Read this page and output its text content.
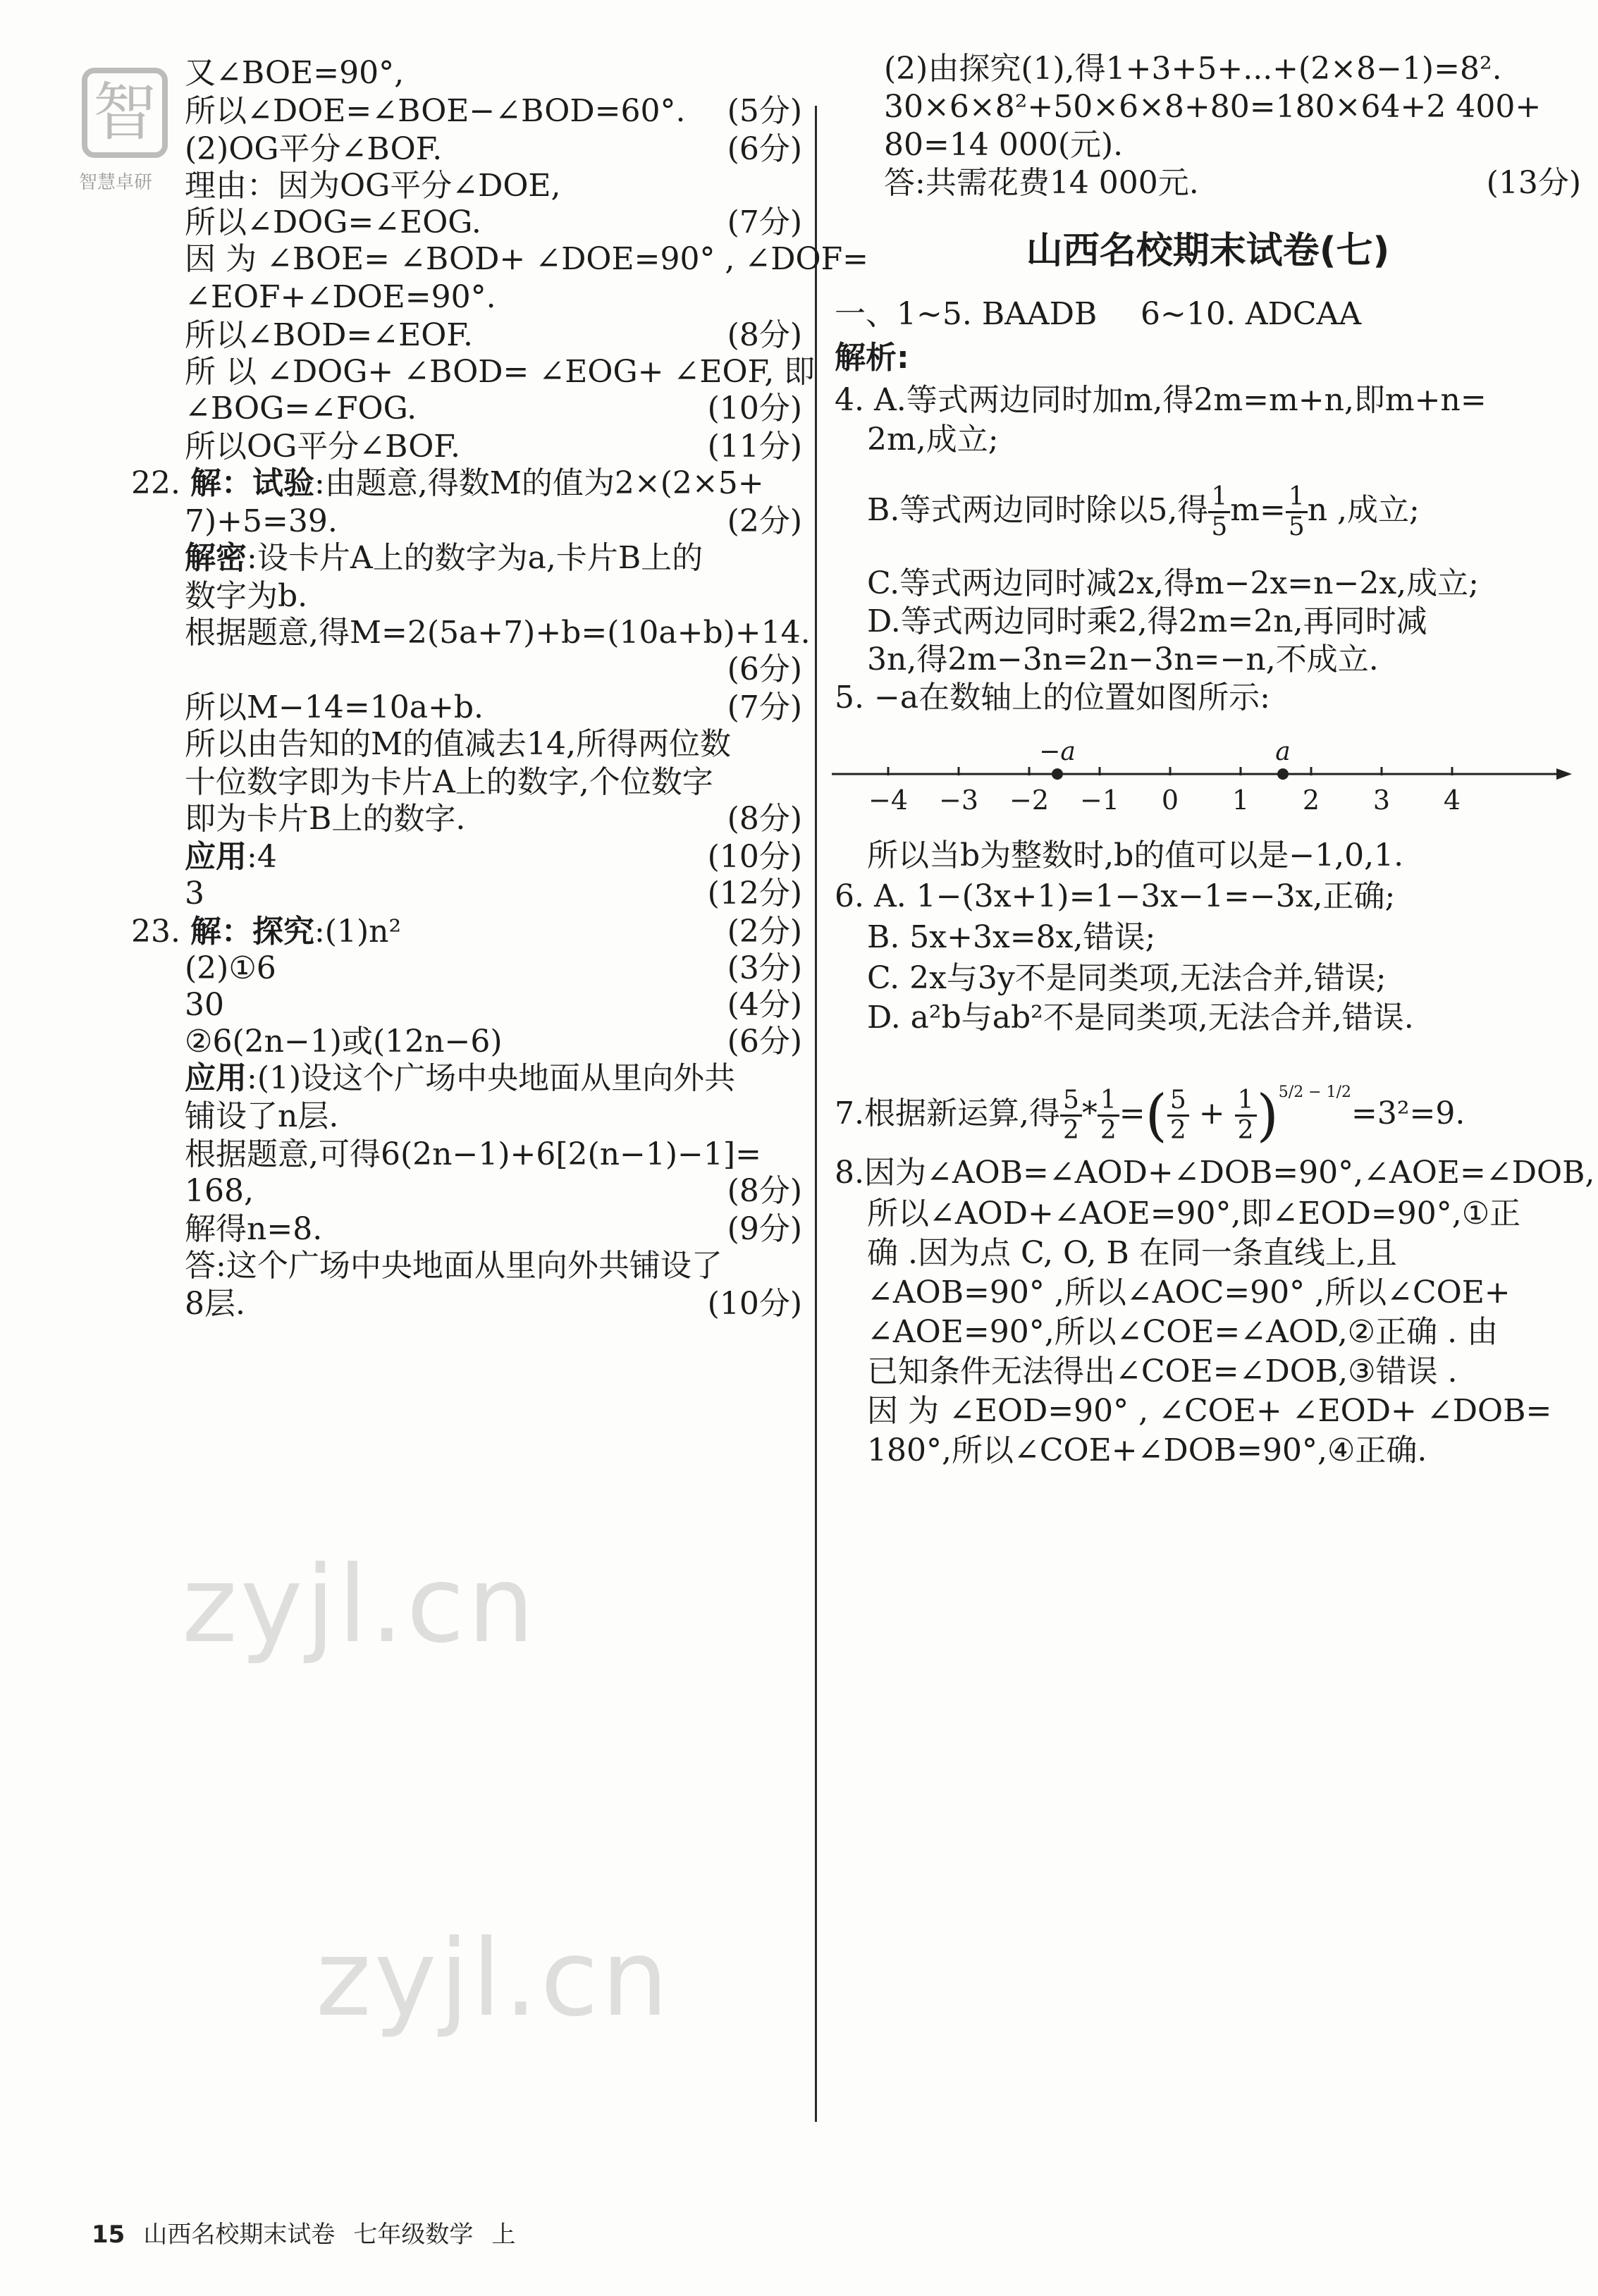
智
智慧卓研
又∠BOE=90°,
所以∠DOE=∠BOE−∠BOD=60°. (5分)
(2)OG平分∠BOF.	(6分)
理由：因为OG平分∠DOE,
所以∠DOG=∠EOG.	(7分)
因 为 ∠BOE= ∠BOD+ ∠DOE=90° , ∠DOF=
∠EOF+∠DOE=90°.
所以∠BOD=∠EOF.	(8分)
所 以 ∠DOG+ ∠BOD= ∠EOG+ ∠EOF, 即
∠BOG=∠FOG.	(10分)
所以OG平分∠BOF.	(11分)
22. 解：试验:由题意,得数M的值为2×(2×5+
7)+5=39.	(2分)
解密:设卡片A上的数字为a,卡片B上的
数字为b.
根据题意,得M=2(5a+7)+b=(10a+b)+14.
(6分)
所以M−14=10a+b.	(7分)
所以由告知的M的值减去14,所得两位数
十位数字即为卡片A上的数字,个位数字
即为卡片B上的数字.	(8分)
应用:4	(10分)
3	(12分)
23. 解：探究:(1)n²	(2分)
(2)①6	(3分)
30	(4分)
②6(2n−1)或(12n−6)	(6分)
应用:(1)设这个广场中央地面从里向外共
铺设了n层.
根据题意,可得6(2n−1)+6[2(n−1)−1]=
168,	(8分)
解得n=8.	(9分)
答:这个广场中央地面从里向外共铺设了
8层.	(10分)
(2)由探究(1),得1+3+5+...+(2×8−1)=8².
30×6×8²+50×6×8+80=180×64+2 400+
80=14 000(元).
答:共需花费14 000元.	(13分)
山西名校期末试卷(七)
一、1~5. BAADB 6~10. ADCAA
解析:
4. A.等式两边同时加m,得2m=m+n,即m+n=
2m,成立;
B.等式两边同时除以5,得 $\frac{1}{5} m= \frac{1}{5}$ n ,成立;
C.等式两边同时减2x,得m−2x=n−2x,成立;
D.等式两边同时乘2,得2m=2n,再同时减
3n,得2m−3n=2n−3n=−n,不成立.
5. −a在数轴上的位置如图所示:
−4 −3 −2 −1 0 1 2 3 4
−a	a
所以当b为整数时,b的值可以是−1,0,1.
6. A. 1−(3x+1)=1−3x−1=−3x,正确;
B. 5x+3x=8x,错误;
C. 2x与3y不是同类项,无法合并,错误;
D. a²b与ab²不是同类项,无法合并,错误.
7.根据新运算,得 $\frac{5}{2} * \frac{1}{2}$ =( $\frac{5}{2} + \frac{1}{2} )^{5/2 - 1/2}=3^2=9$.
8.因为∠AOB=∠AOD+∠DOB=90°,∠AOE=∠DOB,
所以∠AOD+∠AOE=90°,即∠EOD=90°,①正
确 .因为点 C, O, B 在同一条直线上,且
∠AOB=90° ,所以∠AOC=90° ,所以∠COE+
∠AOE=90°,所以∠COE=∠AOD,②正确 . 由
已知条件无法得出∠COE=∠DOB,③错误 .
因 为 ∠EOD=90° , ∠COE+ ∠EOD+ ∠DOB=
180°,所以∠COE+∠DOB=90°,④正确.
zyjl.cn
zyjl.cn
15 山西名校期末试卷 七年级数学 上
